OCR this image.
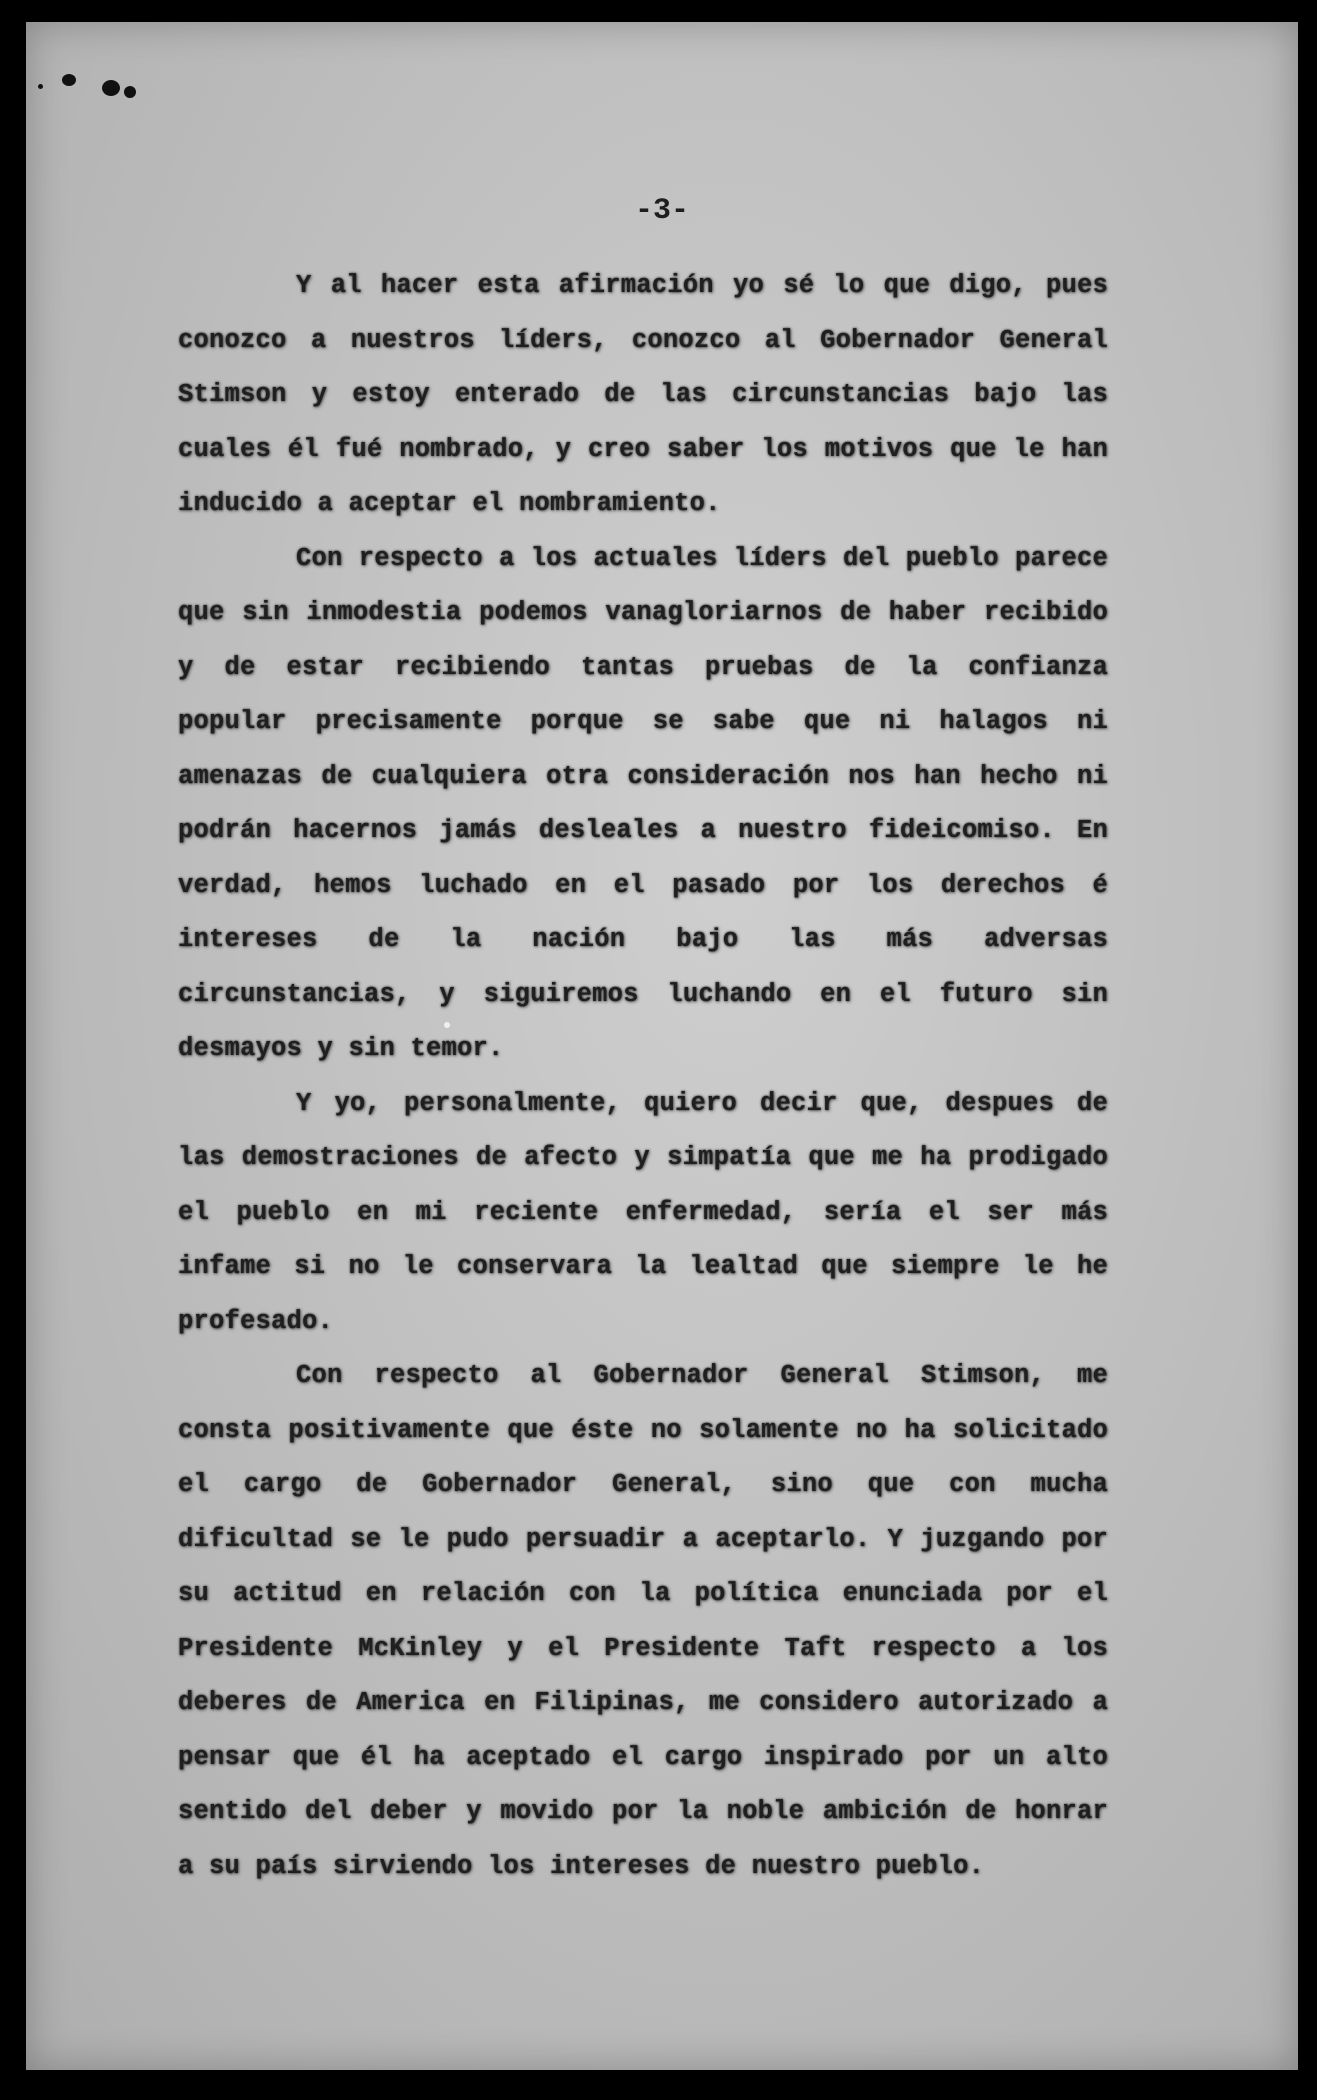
-3-

Y al hacer esta afirmación yo sé lo que digo, pues conozco a nuestros líders, conozco al Gobernador General Stimson y estoy enterado de las circunstancias bajo las cuales él fué nombrado, y creo saber los motivos que le han inducido a aceptar el nombramiento.

Con respecto a los actuales líders del pueblo parece que sin inmodestia podemos vanagloriarnos de haber recibido y de estar recibiendo tantas pruebas de la confianza popular precisamente porque se sabe que ni halagos ni amenazas de cualquiera otra consideración nos han hecho ni podrán hacernos jamás desleales a nuestro fideicomiso. En verdad, hemos luchado en el pasado por los derechos é intereses de la nación bajo las más adversas circunstancias, y siguiremos luchando en el futuro sin desmayos y sin temor.

Y yo, personalmente, quiero decir que, despues de las demostraciones de afecto y simpatía que me ha prodigado el pueblo en mi reciente enfermedad, sería el ser más infame si no le conservara la lealtad que siempre le he profesado.

Con respecto al Gobernador General Stimson, me consta positivamente que éste no solamente no ha solicitado el cargo de Gobernador General, sino que con mucha dificultad se le pudo persuadir a aceptarlo. Y juzgando por su actitud en relación con la política enunciada por el Presidente McKinley y el Presidente Taft respecto a los deberes de America en Filipinas, me considero autorizado a pensar que él ha aceptado el cargo inspirado por un alto sentido del deber y movido por la noble ambición de honrar a su país sirviendo los intereses de nuestro pueblo.
